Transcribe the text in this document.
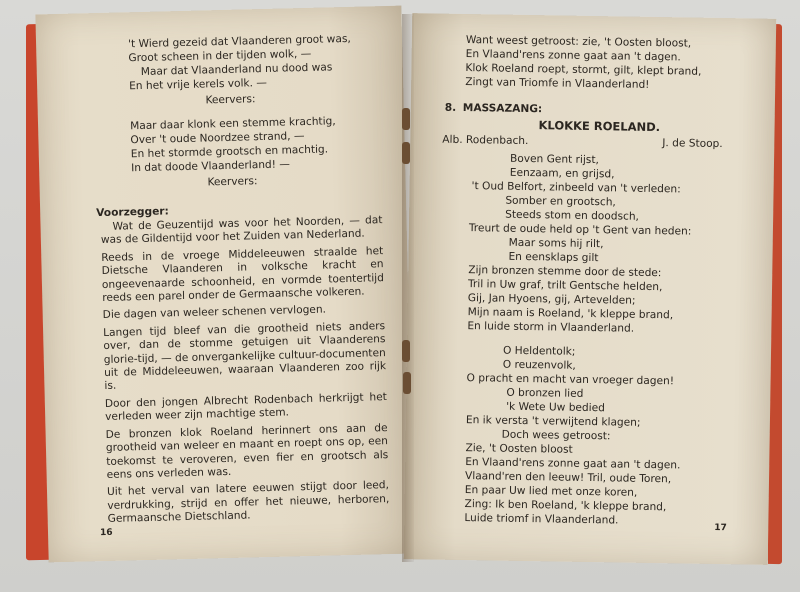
't Wierd gezeid dat Vlaanderen groot was,
Groot scheen in der tijden wolk, —
Maar dat Vlaanderland nu dood was
En het vrije kerels volk. —
Keervers:
Maar daar klonk een stemme krachtig,
Over 't oude Noordzee strand, —
En het stormde grootsch en machtig.
In dat doode Vlaanderland! —
Keervers:
Voorzegger:

Wat de Geuzentijd was voor het Noorden, — dat was de Gildentijd voor het Zuiden van Nederland.

Reeds in de vroege Middeleeuwen straalde het Dietsche Vlaanderen in volksche kracht en ongeevenaarde schoonheid, en vormde toentertijd reeds een parel onder de Germaansche volkeren.

Die dagen van weleer schenen vervlogen.

Langen tijd bleef van die grootheid niets anders over, dan de stomme getuigen uit Vlaanderens glorie-tijd, — de onvergankelijke cultuur-documenten uit de Middeleeuwen, waaraan Vlaanderen zoo rijk is.

Door den jongen Albrecht Rodenbach herkrijgt het verleden weer zijn machtige stem.

De bronzen klok Roeland herinnert ons aan de grootheid van weleer en maant en roept ons op, een toekomst te veroveren, even fier en grootsch als eens ons verleden was.

Uit het verval van latere eeuwen stijgt door leed, verdrukking, strijd en offer het nieuwe, herboren, Germaansche Dietschland.

16
Want weest getroost: zie, 't Oosten bloost,
En Vlaand'rens zonne gaat aan 't dagen.
Klok Roeland roept, stormt, gilt, klept brand,
Zingt van Triomfe in Vlaanderland!
8. MASSAZANG:
KLOKKE ROELAND.
Alb. Rodenbach.	J. de Stoop.
Boven Gent rijst,
Eenzaam, en grijsd,
't Oud Belfort, zinbeeld van 't verleden:
Somber en grootsch,
Steeds stom en doodsch,
Treurt de oude held op 't Gent van heden:
Maar soms hij rilt,
En eensklaps gilt
Zijn bronzen stemme door de stede:
Tril in Uw graf, trilt Gentsche helden,
Gij, Jan Hyoens, gij, Artevelden;
Mijn naam is Roeland, 'k kleppe brand,
En luide storm in Vlaanderland.
O Heldentolk;
O reuzenvolk,
O pracht en macht van vroeger dagen!
O bronzen lied
'k Wete Uw bedied
En ik versta 't verwijtend klagen;
Doch wees getroost:
Zie, 't Oosten bloost
En Vlaand'rens zonne gaat aan 't dagen.
Vlaand'ren den leeuw! Tril, oude Toren,
En paar Uw lied met onze koren,
Zing: Ik ben Roeland, 'k kleppe brand,
Luide triomf in Vlaanderland.
17
